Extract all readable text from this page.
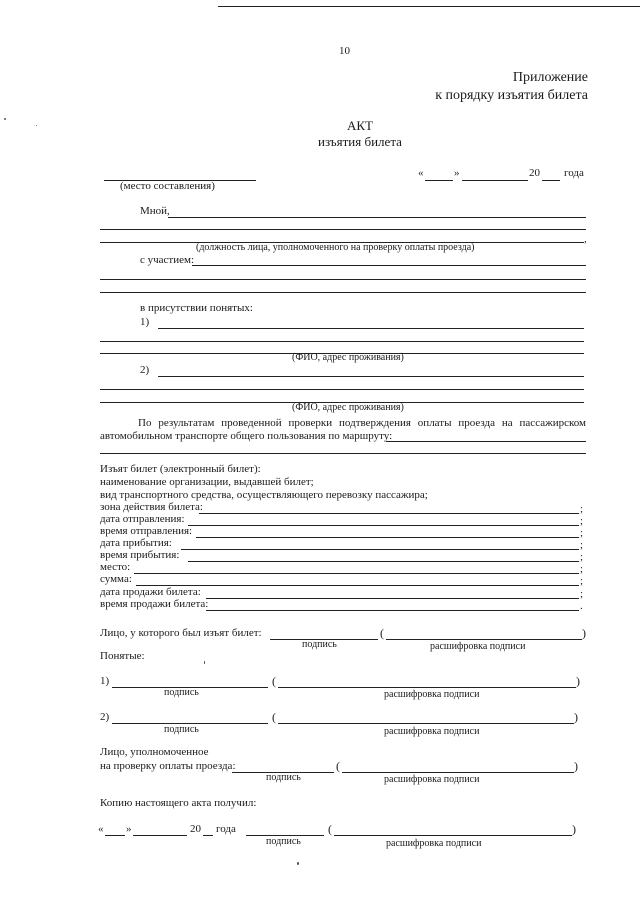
10
Приложение
к порядку изъятия билета
АКТ
изъятия билета
(место составления)
«	»	20 года
Мной,
,
(должность лица, уполномоченного на проверку оплаты проезда)
с участием:
в присутствии понятых:
1)
(ФИО, адрес проживания)
2)
(ФИО, адрес проживания)
По результатам проведенной проверки подтверждения оплаты проезда на пассажирском автомобильном транспорте общего пользования по маршруту:
Изъят билет (электронный билет):
наименование организации, выдавшей билет;
вид транспортного средства, осуществляющего перевозку пассажира;
зона действия билета:	;
дата отправления:	;
время отправления:	;
дата прибытия:	;
время прибытия:	;
место:	;
сумма:	;
дата продажи билета:	;
время продажи билета:	.
Лицо, у которого был изъят билет:	(	)
подпись	расшифровка подписи
Понятые:
1)	(	)
подпись	расшифровка подписи
2)	(	)
подпись	расшифровка подписи
Лицо, уполномоченное
на проверку оплаты проезда:	(	)
подпись	расшифровка подписи
Копию настоящего акта получил:
« »	20 года	(	)
подпись	расшифровка подписи
